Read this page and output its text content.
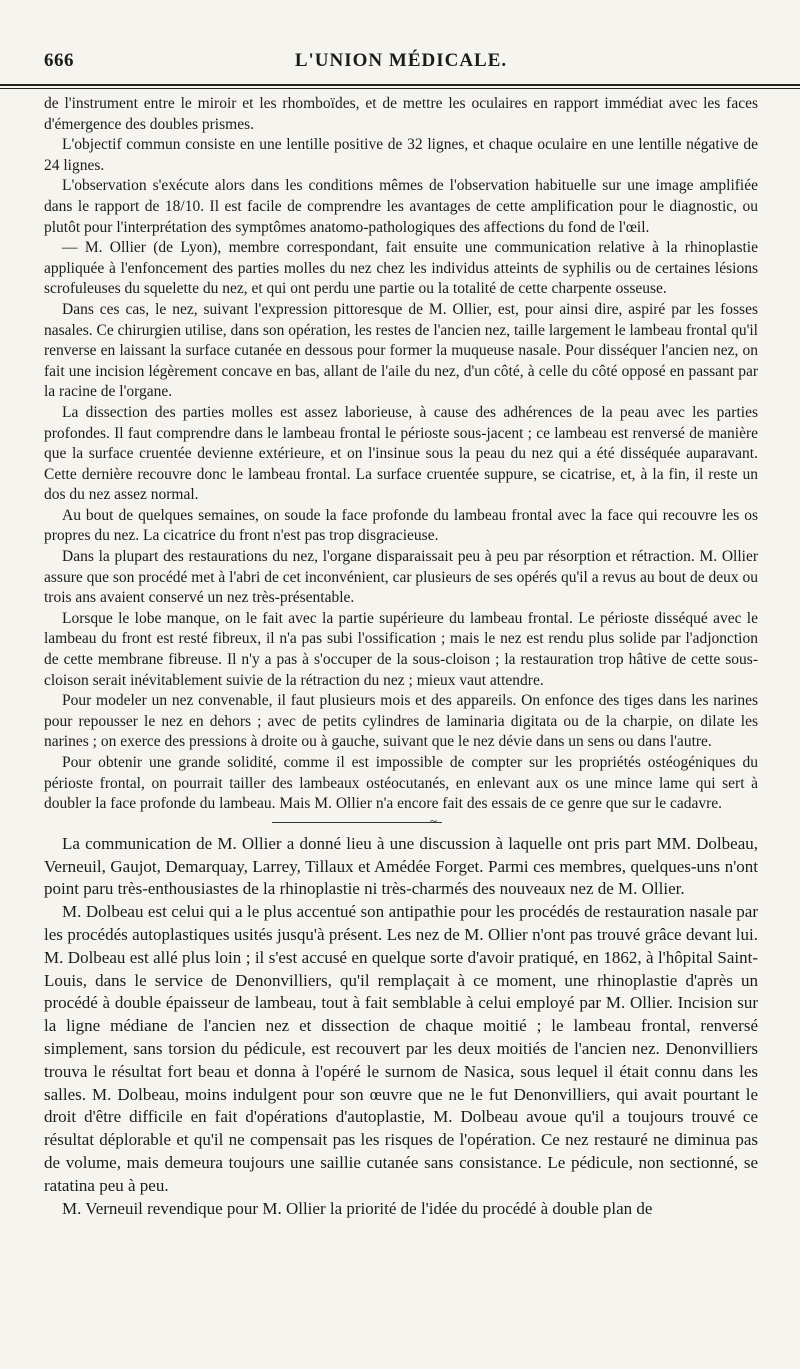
666	L'UNION MÉDICALE.

de l'instrument entre le miroir et les rhomboïdes, et de mettre les oculaires en rapport immédiat avec les faces d'émergence des doubles prismes.

L'objectif commun consiste en une lentille positive de 32 lignes, et chaque oculaire en une lentille négative de 24 lignes.

L'observation s'exécute alors dans les conditions mêmes de l'observation habituelle sur une image amplifiée dans le rapport de 18/10. Il est facile de comprendre les avantages de cette amplification pour le diagnostic, ou plutôt pour l'interprétation des symptômes anatomo-pathologiques des affections du fond de l'œil.

— M. Ollier (de Lyon), membre correspondant, fait ensuite une communication relative à la rhinoplastie appliquée à l'enfoncement des parties molles du nez chez les individus atteints de syphilis ou de certaines lésions scrofuleuses du squelette du nez, et qui ont perdu une partie ou la totalité de cette charpente osseuse.

Dans ces cas, le nez, suivant l'expression pittoresque de M. Ollier, est, pour ainsi dire, aspiré par les fosses nasales. Ce chirurgien utilise, dans son opération, les restes de l'ancien nez, taille largement le lambeau frontal qu'il renverse en laissant la surface cutanée en dessous pour former la muqueuse nasale. Pour disséquer l'ancien nez, on fait une incision légèrement concave en bas, allant de l'aile du nez, d'un côté, à celle du côté opposé en passant par la racine de l'organe.

La dissection des parties molles est assez laborieuse, à cause des adhérences de la peau avec les parties profondes. Il faut comprendre dans le lambeau frontal le périoste sous-jacent ; ce lambeau est renversé de manière que la surface cruentée devienne extérieure, et on l'insinue sous la peau du nez qui a été disséquée auparavant. Cette dernière recouvre donc le lambeau frontal. La surface cruentée suppure, se cicatrise, et, à la fin, il reste un dos du nez assez normal.

Au bout de quelques semaines, on soude la face profonde du lambeau frontal avec la face qui recouvre les os propres du nez. La cicatrice du front n'est pas trop disgracieuse.

Dans la plupart des restaurations du nez, l'organe disparaissait peu à peu par résorption et rétraction. M. Ollier assure que son procédé met à l'abri de cet inconvénient, car plusieurs de ses opérés qu'il a revus au bout de deux ou trois ans avaient conservé un nez très-présentable.

Lorsque le lobe manque, on le fait avec la partie supérieure du lambeau frontal. Le périoste disséqué avec le lambeau du front est resté fibreux, il n'a pas subi l'ossification ; mais le nez est rendu plus solide par l'adjonction de cette membrane fibreuse. Il n'y a pas à s'occuper de la sous-cloison ; la restauration trop hâtive de cette sous-cloison serait inévitablement suivie de la rétraction du nez ; mieux vaut attendre.

Pour modeler un nez convenable, il faut plusieurs mois et des appareils. On enfonce des tiges dans les narines pour repousser le nez en dehors ; avec de petits cylindres de laminaria digitata ou de la charpie, on dilate les narines ; on exerce des pressions à droite ou à gauche, suivant que le nez dévie dans un sens ou dans l'autre.

Pour obtenir une grande solidité, comme il est impossible de compter sur les propriétés ostéogéniques du périoste frontal, on pourrait tailler des lambeaux ostéocutanés, en enlevant aux os une mince lame qui sert à doubler la face profonde du lambeau. Mais M. Ollier n'a encore fait des essais de ce genre que sur le cadavre.

~

La communication de M. Ollier a donné lieu à une discussion à laquelle ont pris part MM. Dolbeau, Verneuil, Gaujot, Demarquay, Larrey, Tillaux et Amédée Forget. Parmi ces membres, quelques-uns n'ont point paru très-enthousiastes de la rhinoplastie ni très-charmés des nouveaux nez de M. Ollier.

M. Dolbeau est celui qui a le plus accentué son antipathie pour les procédés de restauration nasale par les procédés autoplastiques usités jusqu'à présent. Les nez de M. Ollier n'ont pas trouvé grâce devant lui. M. Dolbeau est allé plus loin ; il s'est accusé en quelque sorte d'avoir pratiqué, en 1862, à l'hôpital Saint-Louis, dans le service de Denonvilliers, qu'il remplaçait à ce moment, une rhinoplastie d'après un procédé à double épaisseur de lambeau, tout à fait semblable à celui employé par M. Ollier. Incision sur la ligne médiane de l'ancien nez et dissection de chaque moitié ; le lambeau frontal, renversé simplement, sans torsion du pédicule, est recouvert par les deux moitiés de l'ancien nez. Denonvilliers trouva le résultat fort beau et donna à l'opéré le surnom de Nasica, sous lequel il était connu dans les salles. M. Dolbeau, moins indulgent pour son œuvre que ne le fut Denonvilliers, qui avait pourtant le droit d'être difficile en fait d'opérations d'autoplastie, M. Dolbeau avoue qu'il a toujours trouvé ce résultat déplorable et qu'il ne compensait pas les risques de l'opération. Ce nez restauré ne diminua pas de volume, mais demeura toujours une saillie cutanée sans consistance. Le pédicule, non sectionné, se ratatina peu à peu.

M. Verneuil revendique pour M. Ollier la priorité de l'idée du procédé à double plan de
